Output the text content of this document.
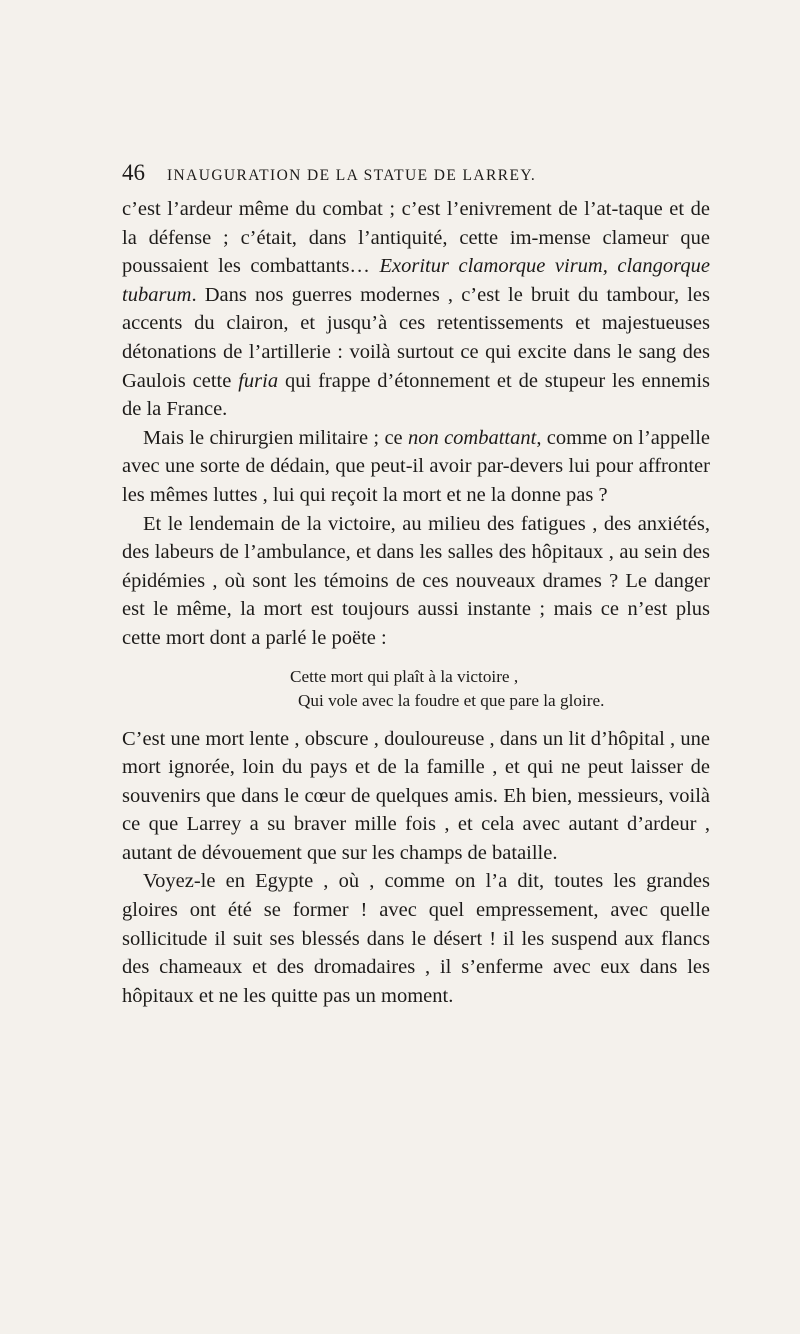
46 INAUGURATION DE LA STATUE DE LARREY.

c’est l’ardeur même du combat ; c’est l’enivrement de l’at-taque et de la défense ; c’était, dans l’antiquité, cette im-mense clameur que poussaient les combattants… Exoritur clamorque virum, clangorque tubarum. Dans nos guerres modernes , c’est le bruit du tambour, les accents du clairon, et jusqu’à ces retentissements et majestueuses détonations de l’artillerie : voilà surtout ce qui excite dans le sang des Gaulois cette furia qui frappe d’étonnement et de stupeur les ennemis de la France.

Mais le chirurgien militaire ; ce non combattant, comme on l’appelle avec une sorte de dédain, que peut-il avoir par-devers lui pour affronter les mêmes luttes , lui qui reçoit la mort et ne la donne pas ?

Et le lendemain de la victoire, au milieu des fatigues , des anxiétés, des labeurs de l’ambulance, et dans les salles des hôpitaux , au sein des épidémies , où sont les témoins de ces nouveaux drames ? Le danger est le même, la mort est toujours aussi instante ; mais ce n’est plus cette mort dont a parlé le poëte :

Cette mort qui plaît à la victoire ,
Qui vole avec la foudre et que pare la gloire.

C’est une mort lente , obscure , douloureuse , dans un lit d’hôpital , une mort ignorée, loin du pays et de la famille , et qui ne peut laisser de souvenirs que dans le cœur de quelques amis. Eh bien, messieurs, voilà ce que Larrey a su braver mille fois , et cela avec autant d’ardeur , autant de dévouement que sur les champs de bataille.

Voyez-le en Egypte , où , comme on l’a dit, toutes les grandes gloires ont été se former ! avec quel empressement, avec quelle sollicitude il suit ses blessés dans le désert ! il les suspend aux flancs des chameaux et des dromadaires , il s’enferme avec eux dans les hôpitaux et ne les quitte pas un moment.
